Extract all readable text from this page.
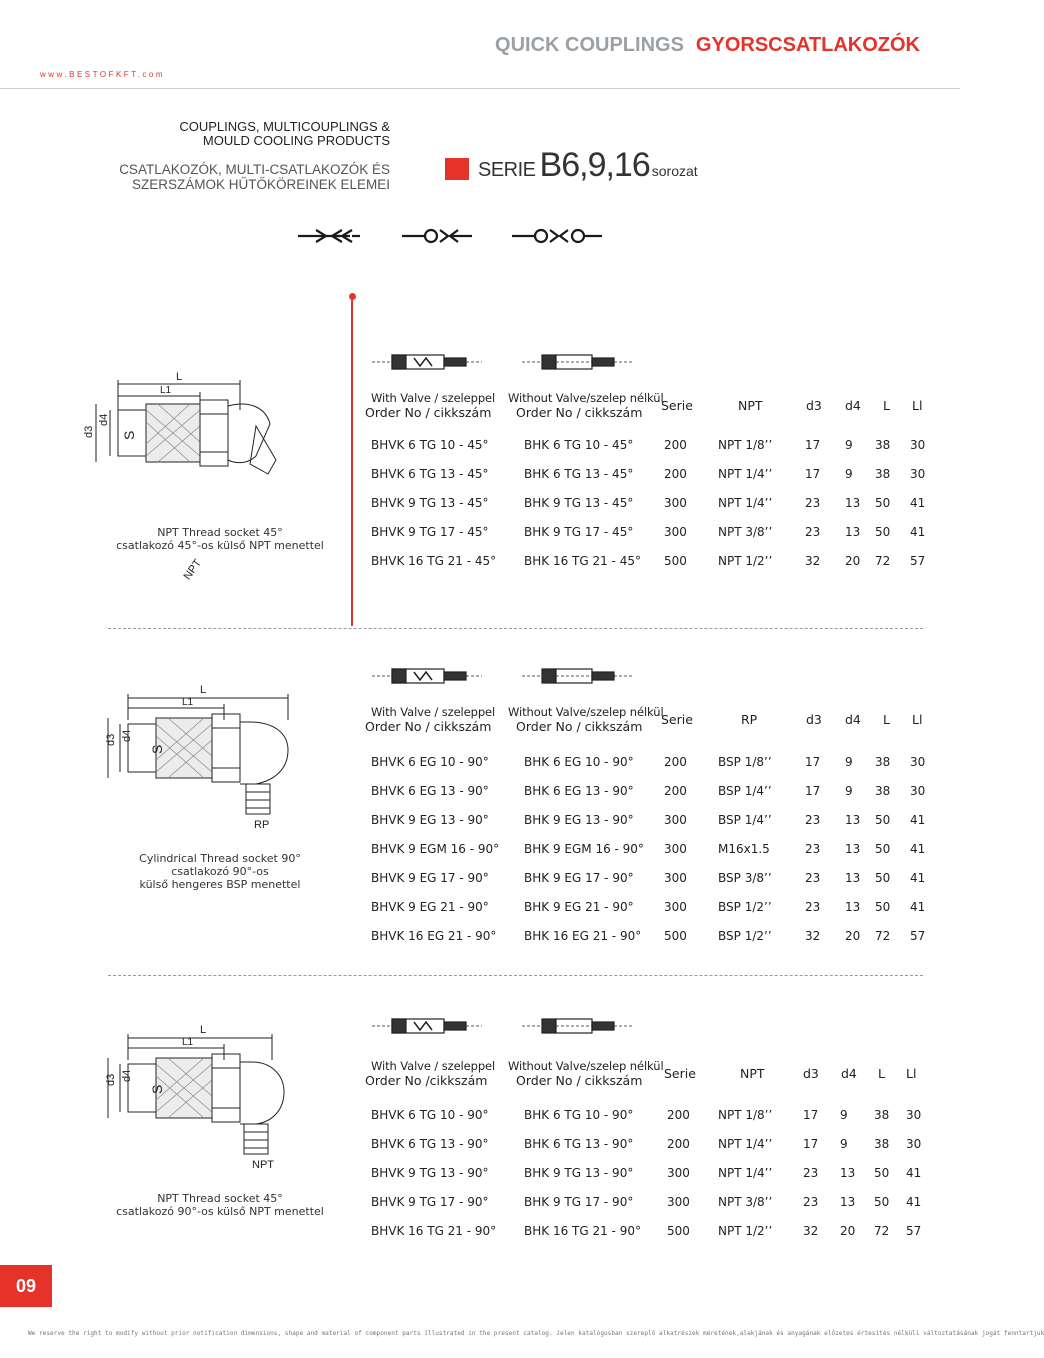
QUICK COUPLINGS GYORSCSATLAKOZÓK
www.BESTOFKFT.com
COUPLINGS, MULTICOUPLINGS &
MOULD COOLING PRODUCTS
CSATLAKOZÓK, MULTI-CSATLAKOZÓK ÉS
SZERSZÁMOK HŰTŐKÖREINEK ELEMEI
SERIE B6,9,16 sorozat
L
L1
d3
d4
S
NPT
With Valve / szeleppel
Order No / cikkszám
Without Valve/szelep nélkül
Order No / cikkszám Serie	NPT	d3 d4 L Ll
BHVK 6 TG 10 - 45°	BHK 6 TG 10 - 45°	200	NPT 1/8’’	17 9 38 30
BHVK 6 TG 13 - 45°	BHK 6 TG 13 - 45°	200	NPT 1/4’’	17 9 38 30
BHVK 9 TG 13 - 45°	BHK 9 TG 13 - 45°	300	NPT 1/4’’	23 13 50 41
BHVK 9 TG 17 - 45°	BHK 9 TG 17 - 45°	300	NPT 3/8’’	23 13 50 41
BHVK 16 TG 21 - 45° BHK 16 TG 21 - 45° 500	NPT 1/2’’	32 20 72 57
NPT Thread socket 45°
csatlakozó 45°-os külső NPT menettel
L
L1
d3 d4
S
RP
With Valve / szeleppel
Order No / cikkszám
Without Valve/szelep nélkül
Order No / cikkszám Serie	RP	d3 d4 L Ll
BHVK 6 EG 10 - 90°	BHK 6 EG 10 - 90°	200	BSP 1/8’’	17 9 38 30
BHVK 6 EG 13 - 90°	BHK 6 EG 13 - 90°	200	BSP 1/4’’	17 9 38 30
BHVK 9 EG 13 - 90°	BHK 9 EG 13 - 90°	300	BSP 1/4’’	23 13 50 41
BHVK 9 EGM 16 - 90° BHK 9 EGM 16 - 90° 300	M16x1.5	23 13 50 41
BHVK 9 EG 17 - 90°	BHK 9 EG 17 - 90°	300	BSP 3/8’’	23 13 50 41
BHVK 9 EG 21 - 90°	BHK 9 EG 21 - 90°	300	BSP 1/2’’	23 13 50 41
BHVK 16 EG 21 - 90° BHK 16 EG 21 - 90° 500	BSP 1/2’’	32 20 72 57
Cylindrical Thread socket 90°
csatlakozó 90°-os
külső hengeres BSP menettel
L
L1
d3 d4
S
NPT
With Valve / szeleppel
Order No /cikkszám
Without Valve/szelep nélkül
Order No / cikkszám Serie	NPT	d3 d4 L Ll
BHVK 6 TG 10 - 90°	BHK 6 TG 10 - 90°	200 NPT 1/8’’	17 9 38 30
BHVK 6 TG 13 - 90°	BHK 6 TG 13 - 90°	200 NPT 1/4’’	17 9 38 30
BHVK 9 TG 13 - 90°	BHK 9 TG 13 - 90°	300 NPT 1/4’’	23 13 50 41
BHVK 9 TG 17 - 90°	BHK 9 TG 17 - 90°	300 NPT 3/8’’	23 13 50 41
BHVK 16 TG 21 - 90° BHK 16 TG 21 - 90° 500 NPT 1/2’’	32 20 72 57
NPT Thread socket 45°
csatlakozó 90°-os külső NPT menettel
09
We reserve the right to modify without prior notification dimensions, shape and material of component parts illustrated in the present catalog. Jelen katalógusban szereplő alkatrészek méretének,alakjának és anyagának előzetes értesítés nélküli változtatásának jogát fenntartjuk
